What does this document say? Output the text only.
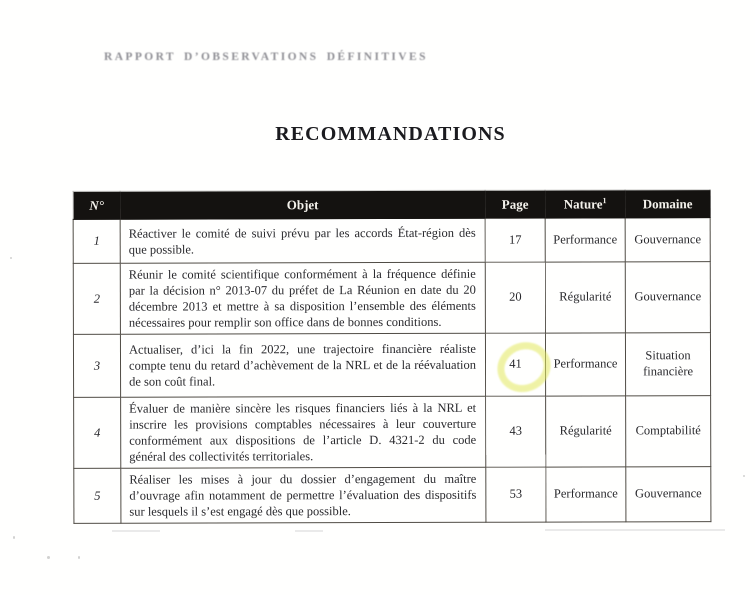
RAPPORT D’OBSERVATIONS DÉFINITIVES
RECOMMANDATIONS
N°	Objet	Page	Nature$^1$	Domaine
1	Réactiver le comité de suivi prévu par les accords État-région dès que possible.	17	Performance	Gouvernance
2	Réunir le comité scientifique conformément à la fréquence définie par la décision n° 2013-07 du préfet de La Réunion en date du 20 décembre 2013 et mettre à sa disposition l’ensemble des éléments nécessaires pour remplir son office dans de bonnes conditions.	20	Régularité	Gouvernance
3	Actualiser, d’ici la fin 2022, une trajectoire financière réaliste compte tenu du retard d’achèvement de la NRL et de la réévaluation de son coût final.	41	Performance	Situation financière
4	Évaluer de manière sincère les risques financiers liés à la NRL et inscrire les provisions comptables nécessaires à leur couverture conformément aux dispositions de l’article D. 4321-2 du code général des collectivités territoriales.	43	Régularité	Comptabilité
5	Réaliser les mises à jour du dossier d’engagement du maître d’ouvrage afin notamment de permettre l’évaluation des dispositifs sur lesquels il s’est engagé dès que possible.	53	Performance	Gouvernance
